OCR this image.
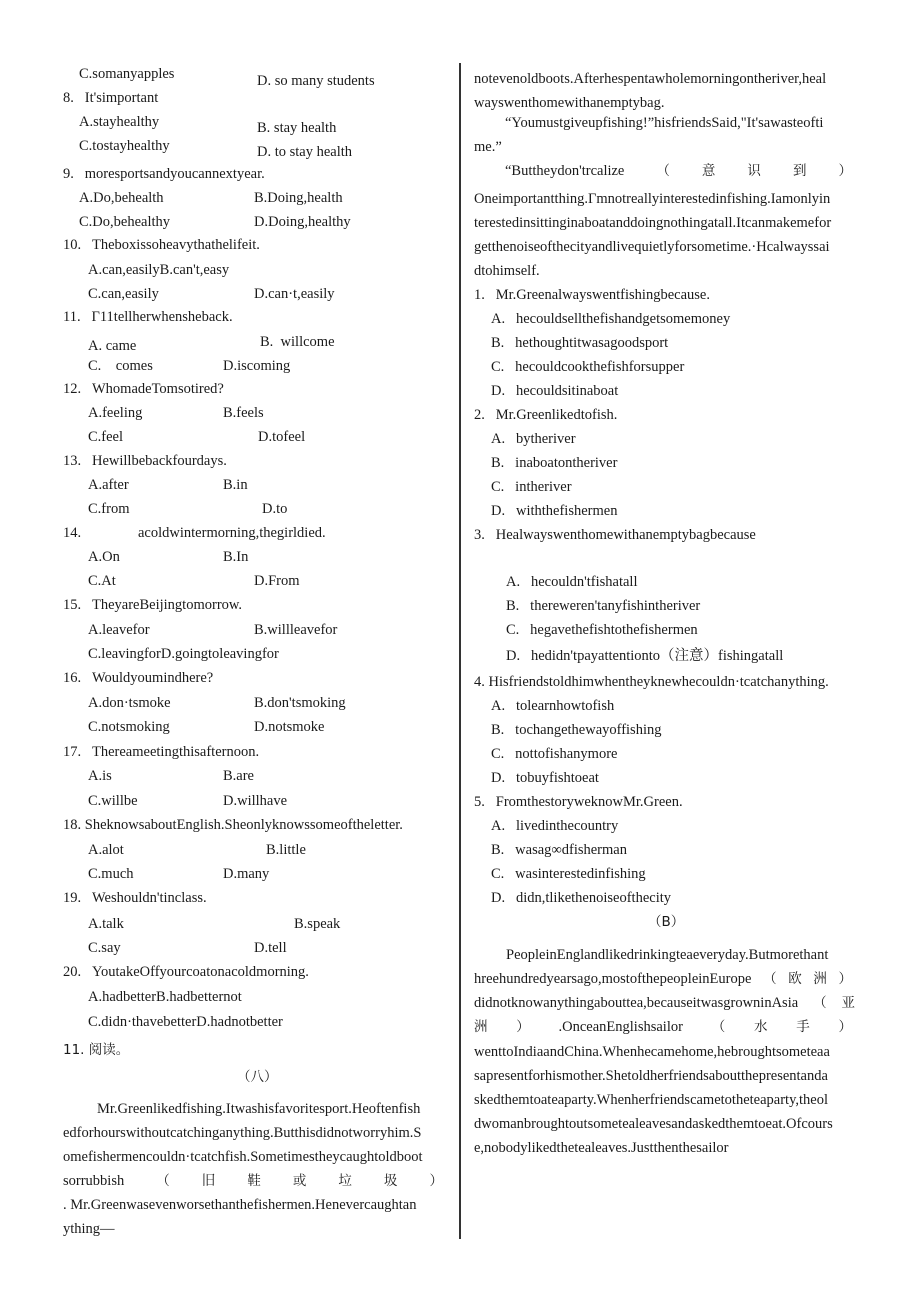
C.somanyapples	D. so many students
8.   It'simportant
A.stayhealthy	B. stay health
C.tostayhealthy	D. to stay health
9.   moresportsandyoucannextyear.
A.Do,behealth	B.Doing,health
C.Do,behealthy	D.Doing,healthy
10.   Theboxissoheavythathelifeit.
A.can,easilyB.can't,easy
C.can,easily	D.can·t,easily
11.   Γ11tellherwhensheback.
A. came	B.  willcome
C.    comes	D.iscoming
12.   WhomadeTomsotired?
A.feeling	B.feels
C.feel	D.tofeel
13.   Hewillbebackfourdays.
A.after	B.in
C.from	D.to
14.	acoldwintermorning,thegirldied.
A.On	B.In
C.At	D.From
15.   TheyareBeijingtomorrow.
A.leavefor	B.willleavefor
C.leavingforD.goingtoleavingfor
16.   Wouldyoumindhere?
A.don·tsmoke	B.don'tsmoking
C.notsmoking	D.notsmoke
17.   Thereameetingthisafternoon.
A.is	B.are
C.willbe	D.willhave
18. SheknowsaboutEnglish.Sheonlyknowssomeoftheletter.
A.alot	B.little
C.much	D.many
19.   Weshouldn'tinclass.
A.talk	B.speak
C.say	D.tell
20.   YoutakeOffyourcoatonacoldmorning.
A.hadbetterB.hadbetternot
C.didn·thavebetterD.hadnotbetter
11. 阅读。
（八）
Mr.Greenlikedfishing.Itwashisfavoritesport.Heoftenfish
edforhourswithoutcatchinganything.Butthisdidnotworryhim.S
omefishermencouldn·tcatchfish.Sometimestheycaughtoldboot
sorrubbish （ 旧 鞋 或 垃 圾 ）
. Mr.Greenwasevenworsethanthefishermen.Henevercaughtan
ything—
notevenoldboots.Afterhespentawholemorningontheriver,heal
wayswenthomewithanemptybag.
“Youmustgiveupfishing!”hisfriendsSaid,"It'sawasteofti
me.”
“Buttheydon'trcalize （ 意 识 到 ）
Oneimportantthing.Γmnotreallyinterestedinfishing.Iamonlyin
terestedinsittinginaboatanddoingnothingatall.Itcanmakemefor
getthenoiseofthecityandlivequietlyforsometime.·Hcalwayssai
dtohimself.
1.   Mr.Greenalwayswentfishingbecause.
A.   hecouldsellthefishandgetsomemoney
B.   hethoughtitwasagoodsport
C.   hecouldcookthefishforsupper
D.   hecouldsitinaboat
2.   Mr.Greenlikedtofish.
A.   bytheriver
B.   inaboatontheriver
C.   intheriver
D.   withthefishermen
3.   Healwayswenthomewithanemptybagbecause
A.   hecouldn'tfishatall
B.   thereweren'tanyfishintheriver
C.   hegavethefishtothefishermen
D.   hedidn'tpayattentionto（注意）fishingatall
4. Hisfriendstoldhimwhentheyknewhecouldn·tcatchanything.
A.   tolearnhowtofish
B.   tochangethewayoffishing
C.   nottofishanymore
D.   tobuyfishtoeat
5.   FromthestoryweknowMr.Green.
A.   livedinthecountry
B.   wasag∞dfisherman
C.   wasinterestedinfishing
D.   didn,tlikethenoiseofthecity
（B）
PeopleinEnglandlikedrinkingteaeveryday.Butmorethant
hreehundredyearsago,mostofthepeopleinEurope （ 欧 洲 ）
didnotknowanythingabouttea,becauseitwasgrowninAsia （ 亚
洲 ） .OnceanEnglishsailor （ 水 手 ）
wenttoIndiaandChina.Whenhecamehome,hebroughtsometeaa
sapresentforhismother.Shetoldherfriendsaboutthepresentanda
skedthemtoateaparty.Whenherfriendscametotheteaparty,theol
dwomanbroughtoutsometealeavesandaskedthemtoeat.Ofcours
e,nobodylikedthetealeaves.Justthenthesailor
